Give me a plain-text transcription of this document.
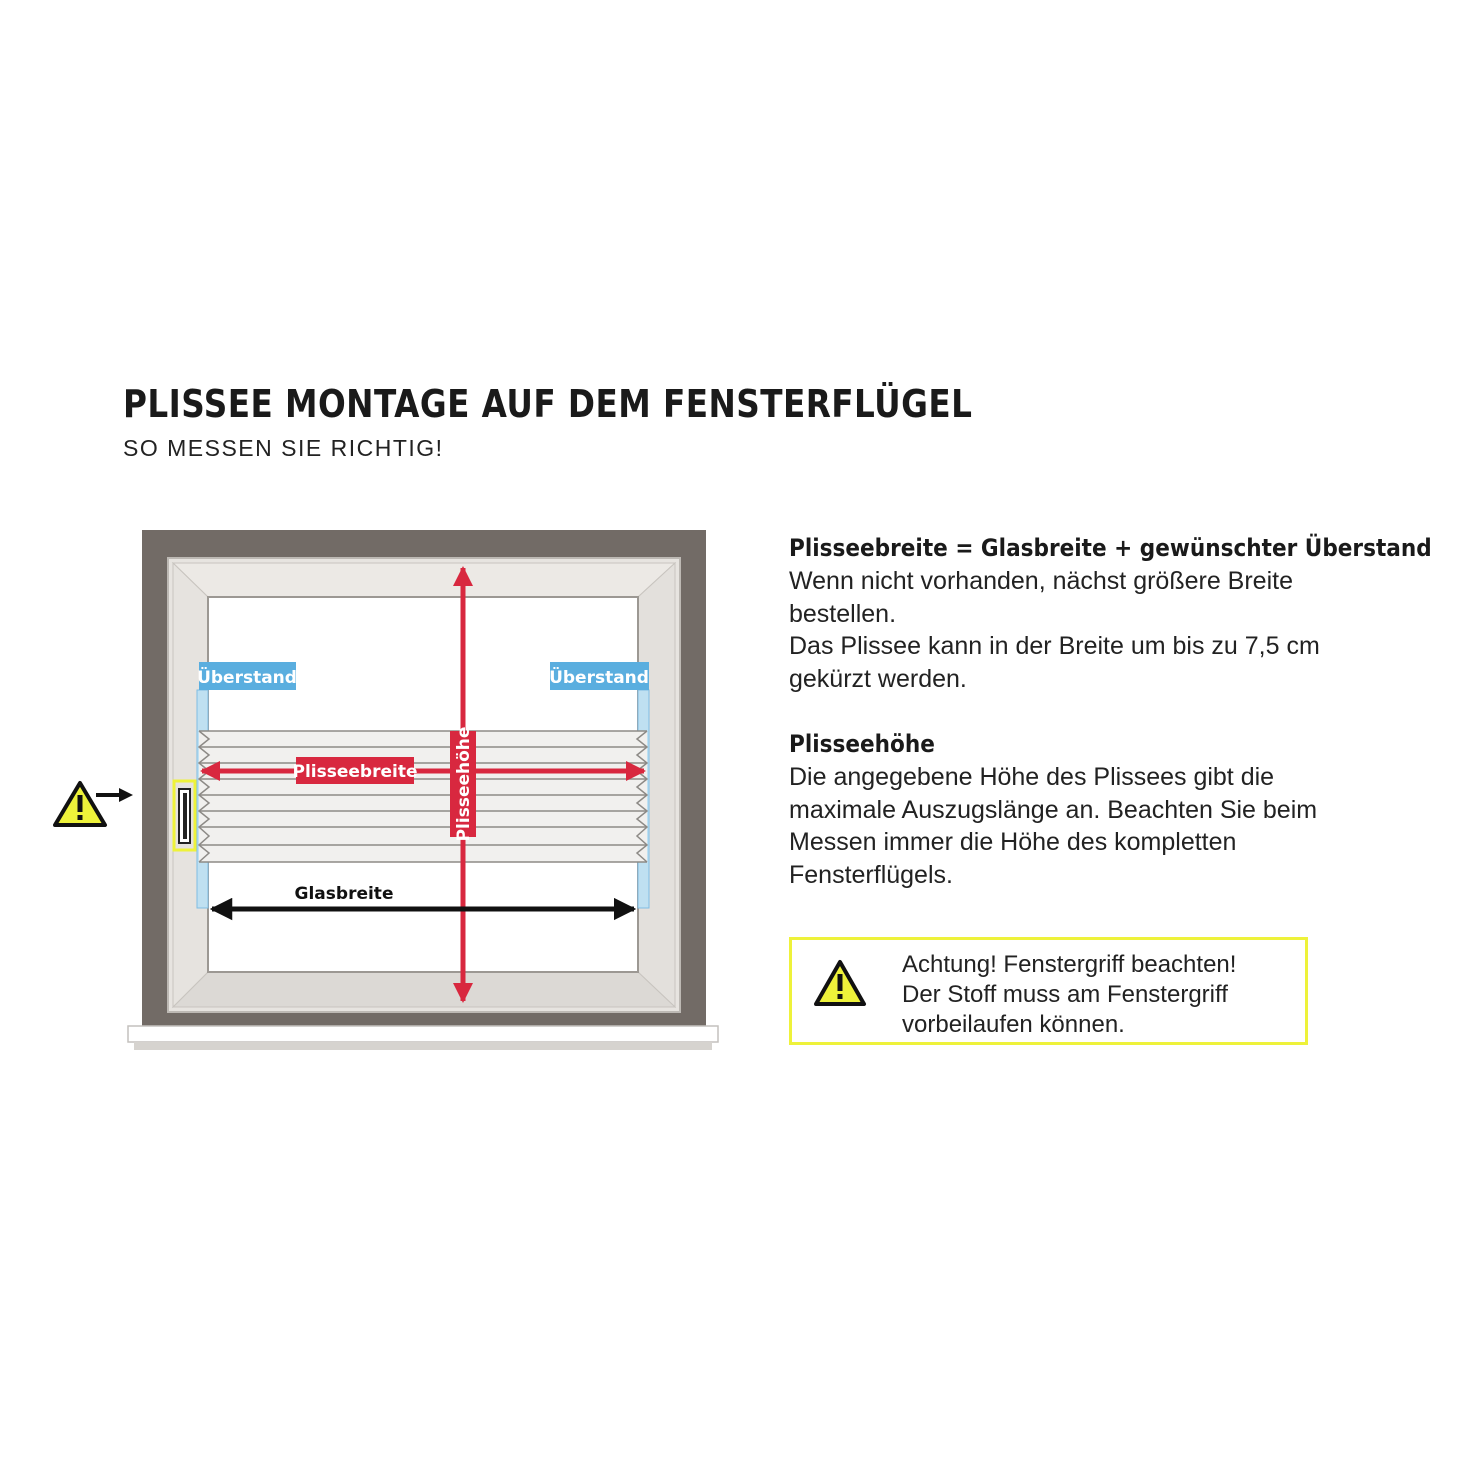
PLISSEE MONTAGE AUF DEM FENSTERFLÜGEL

SO MESSEN SIE RICHTIG!

Überstand	Überstand
Plisseebreite Plisseehöhe
Glasbreite
Plisseebreite = Glasbreite + gewünschter Überstand

Wenn nicht vorhanden, nächst größere Breite

bestellen.

Das Plissee kann in der Breite um bis zu 7,5 cm

gekürzt werden.

Plisseehöhe

Die angegebene Höhe des Plissees gibt die

maximale Auszugslänge an. Beachten Sie beim

Messen immer die Höhe des kompletten

Fensterflügels.

Achtung! Fenstergriff beachten!
Der Stoff muss am Fenstergriff
vorbeilaufen können.
